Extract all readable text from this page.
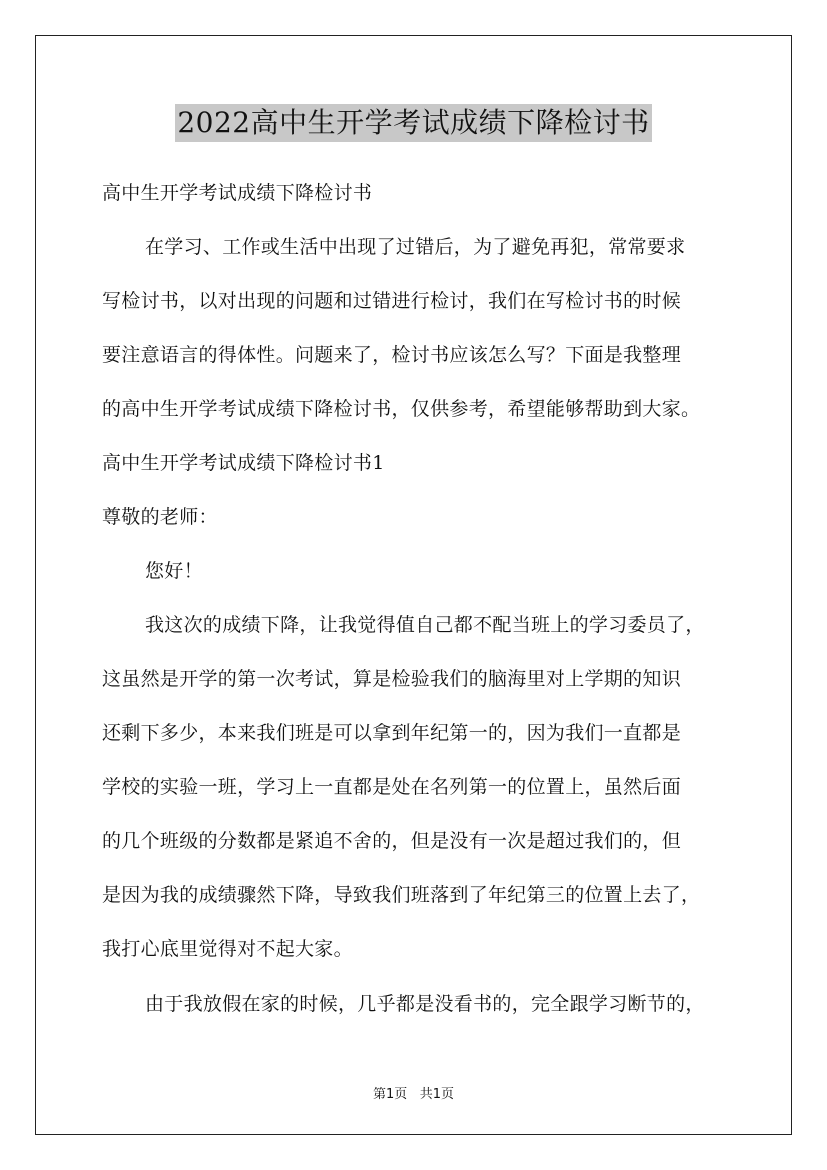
2022高中生开学考试成绩下降检讨书
高中生开学考试成绩下降检讨书
在学习、工作或生活中出现了过错后，为了避免再犯，常常要求
写检讨书，以对出现的问题和过错进行检讨，我们在写检讨书的时候
要注意语言的得体性。问题来了，检讨书应该怎么写？下面是我整理
的高中生开学考试成绩下降检讨书，仅供参考，希望能够帮助到大家。
高中生开学考试成绩下降检讨书1
尊敬的老师：
您好！
我这次的成绩下降，让我觉得值自己都不配当班上的学习委员了，
这虽然是开学的第一次考试，算是检验我们的脑海里对上学期的知识
还剩下多少，本来我们班是可以拿到年纪第一的，因为我们一直都是
学校的实验一班，学习上一直都是处在名列第一的位置上，虽然后面
的几个班级的分数都是紧追不舍的，但是没有一次是超过我们的，但
是因为我的成绩骤然下降，导致我们班落到了年纪第三的位置上去了，
我打心底里觉得对不起大家。
由于我放假在家的时候，几乎都是没看书的，完全跟学习断节的，
第1页 共1页
